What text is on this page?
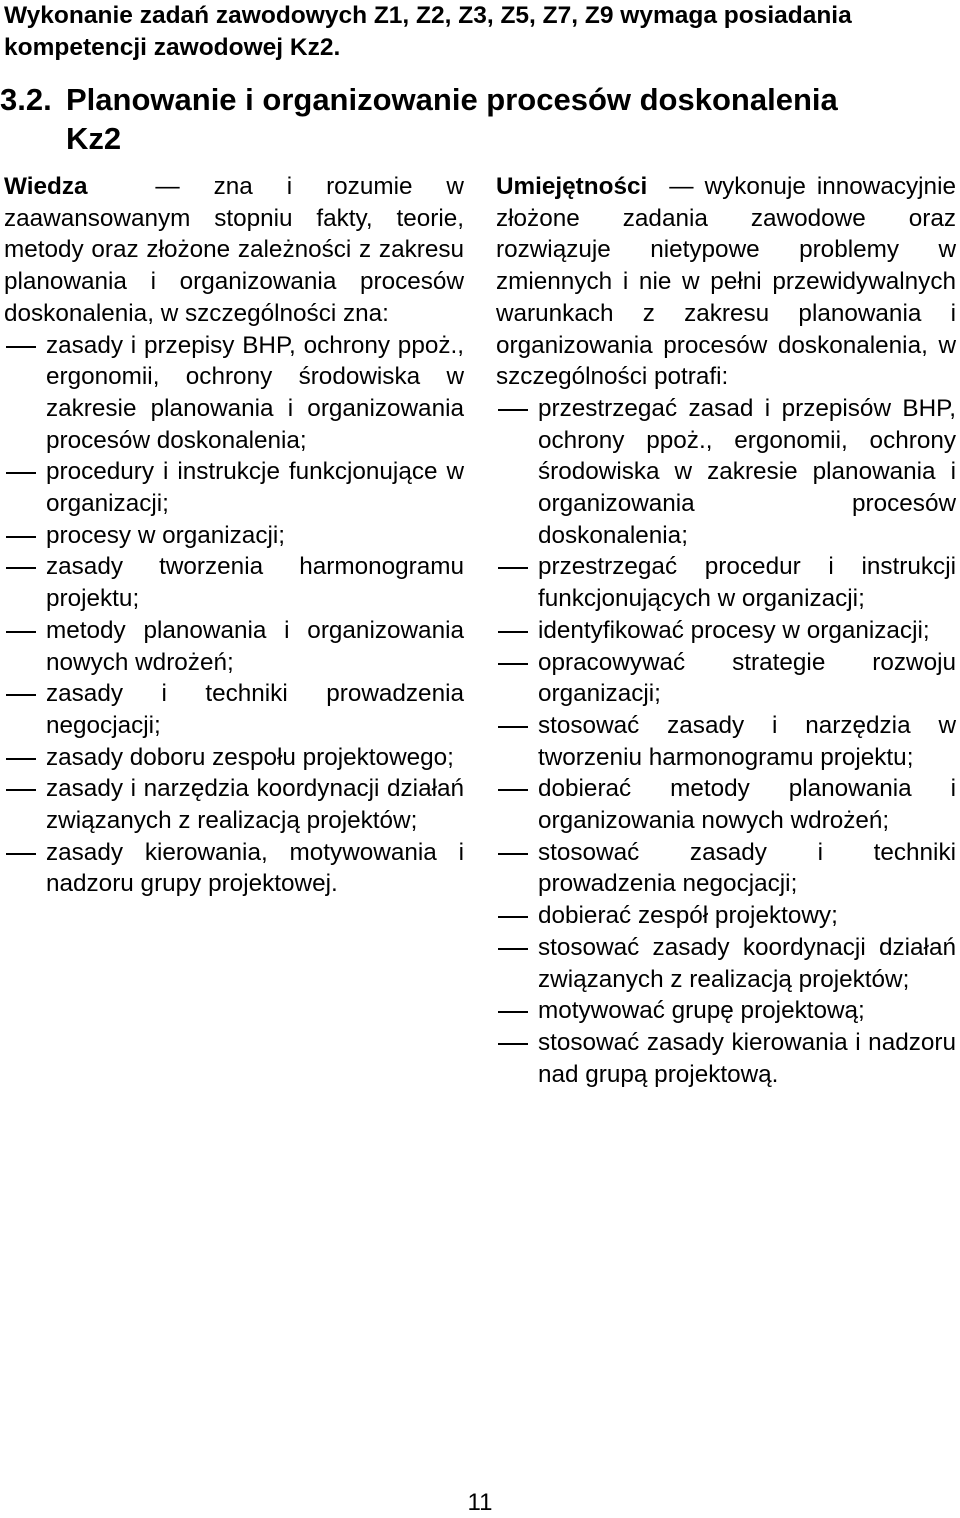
Wykonanie zadań zawodowych Z1, Z2, Z3, Z5, Z7, Z9 wymaga posiadania kompetencji zawodowej Kz2.
3.2. Planowanie i organizowanie procesów doskonalenia
Kz2
Wiedza  — zna i rozumie w zaawansowanym stopniu fakty, teorie, metody oraz złożone zależności z zakresu planowania i organizowania procesów doskonalenia, w szczególności zna:
zasady i przepisy BHP, ochrony ppoż., ergonomii, ochrony środowiska w zakresie planowania i organizowania procesów doskonalenia;
procedury i instrukcje funkcjonujące w organizacji;
procesy w organizacji;
zasady tworzenia harmonogramu projektu;
metody planowania i organizowania nowych wdrożeń;
zasady i techniki prowadzenia negocjacji;
zasady doboru zespołu projektowego;
zasady i narzędzia koordynacji działań związanych z realizacją projektów;
zasady kierowania, motywowania i nadzoru grupy projektowej.
Umiejętności  — wykonuje innowacyjnie złożone zadania zawodowe oraz rozwiązuje nietypowe problemy w zmiennych i nie w pełni przewidywalnych warunkach z zakresu planowania i organizowania procesów doskonalenia, w szczególności potrafi:
przestrzegać zasad i przepisów BHP, ochrony ppoż., ergonomii, ochrony środowiska w zakresie planowania i organizowania procesów doskonalenia;
przestrzegać procedur i instrukcji funkcjonujących w organizacji;
identyfikować procesy w organizacji;
opracowywać strategie rozwoju organizacji;
stosować zasady i narzędzia w tworzeniu harmonogramu projektu;
dobierać metody planowania i organizowania nowych wdrożeń;
stosować zasady i techniki prowadzenia negocjacji;
dobierać zespół projektowy;
stosować zasady koordynacji działań związanych z realizacją projektów;
motywować grupę projektową;
stosować zasady kierowania i nadzoru nad grupą projektową.
11
